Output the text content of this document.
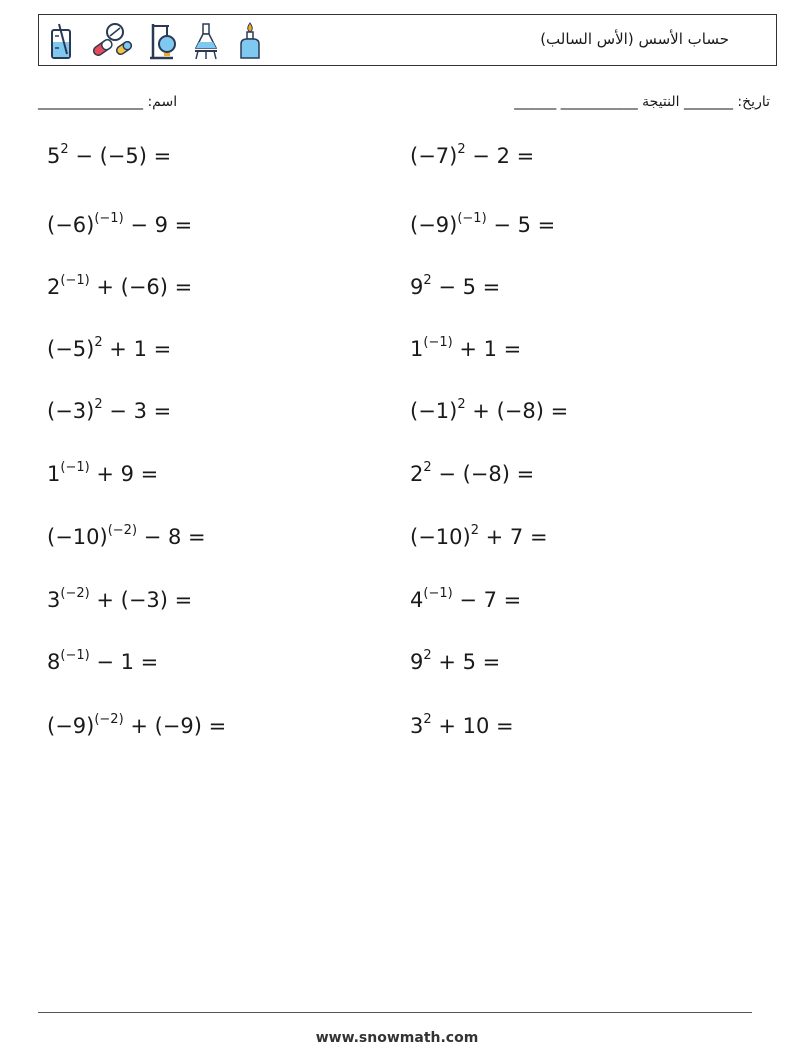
حساب الأسس (الأس السالب)
اسم: _______________	تاريخ: _______ النتيجة ___________ ______
$5^2 - (-5)$ =	$(-7)^2 - 2$ =
$(-6)^{(-1)} - 9$ =	$(-9)^{(-1)} - 5$ =
$2^{(-1)} + (-6)$ =	$9^2 - 5$ =
$(-5)^2 + 1$ =	$1^{(-1)} + 1$ =
$(-3)^2 - 3$ =	$(-1)^2 + (-8)$ =
$1^{(-1)} + 9$ =	$2^2 - (-8)$ =
$(-10)^{(-2)} - 8$ =	$(-10)^2 + 7$ =
$3^{(-2)} + (-3)$ =	$4^{(-1)} - 7$ =
$8^{(-1)} - 1$ =	$9^2 + 5$ =
$(-9)^{(-2)} + (-9)$ =	$3^2 + 10$ =
www.snowmath.com
